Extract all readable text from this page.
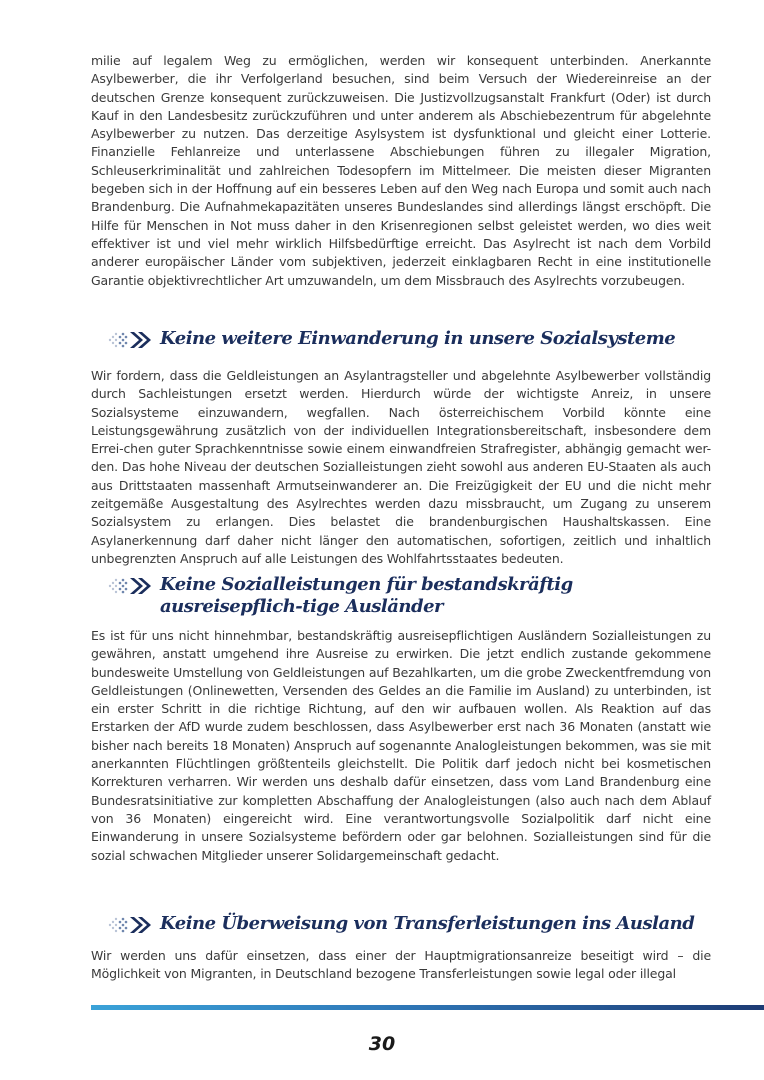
milie auf legalem Weg zu ermöglichen, werden wir konsequent unterbinden. Anerkannte Asylbewerber, die ihr Verfolgerland besuchen, sind beim Versuch der Wiedereinreise an der deutschen Grenze konsequent zurückzuweisen. Die Justizvollzugsanstalt Frankfurt (Oder) ist durch Kauf in den Landesbesitz zurückzuführen und unter anderem als Abschiebezentrum für abgelehnte Asylbewerber zu nutzen. Das derzeitige Asylsystem ist dysfunktional und gleicht einer Lotterie. Finanzielle Fehlanreize und unterlassene Abschiebungen führen zu illegaler Migration, Schleuserkriminalität und zahlreichen Todesopfern im Mittelmeer. Die meisten dieser Migranten begeben sich in der Hoffnung auf ein besseres Leben auf den Weg nach Europa und somit auch nach Brandenburg. Die Aufnahmekapazitäten unseres Bundeslandes sind allerdings längst erschöpft. Die Hilfe für Menschen in Not muss daher in den Krisenregionen selbst geleistet werden, wo dies weit effektiver ist und viel mehr wirklich Hilfsbedürftige erreicht. Das Asylrecht ist nach dem Vorbild anderer europäischer Länder vom subjektiven, jederzeit einklagbaren Recht in eine institutionelle Garantie objektivrechtlicher Art umzuwandeln, um dem Missbrauch des Asylrechts vorzubeugen.

Keine weitere Einwanderung in unsere Sozialsysteme

Wir fordern, dass die Geldleistungen an Asylantragsteller und abgelehnte Asylbewerber vollständig durch Sachleistungen ersetzt werden. Hierdurch würde der wichtigste Anreiz, in unsere Sozialsysteme einzuwandern, wegfallen. Nach österreichischem Vorbild könnte eine Leistungsgewährung zusätzlich von der individuellen Integrationsbereitschaft, insbesondere dem Errei-chen guter Sprachkenntnisse sowie einem einwandfreien Strafregister, abhängig gemacht wer-den. Das hohe Niveau der deutschen Sozialleistungen zieht sowohl aus anderen EU-Staaten als auch aus Drittstaaten massenhaft Armutseinwanderer an. Die Freizügigkeit der EU und die nicht mehr zeitgemäße Ausgestaltung des Asylrechtes werden dazu missbraucht, um Zugang zu unserem Sozialsystem zu erlangen. Dies belastet die brandenburgischen Haushaltskassen. Eine Asylanerkennung darf daher nicht länger den automatischen, sofortigen, zeitlich und inhaltlich unbegrenzten Anspruch auf alle Leistungen des Wohlfahrtsstaates bedeuten.

Keine Sozialleistungen für bestandskräftig ausreisepflich-tige Ausländer

Es ist für uns nicht hinnehmbar, bestandskräftig ausreisepflichtigen Ausländern Sozialleistungen zu gewähren, anstatt umgehend ihre Ausreise zu erwirken. Die jetzt endlich zustande gekommene bundesweite Umstellung von Geldleistungen auf Bezahlkarten, um die grobe Zweckentfremdung von Geldleistungen (Onlinewetten, Versenden des Geldes an die Familie im Ausland) zu unterbinden, ist ein erster Schritt in die richtige Richtung, auf den wir aufbauen wollen. Als Reaktion auf das Erstarken der AfD wurde zudem beschlossen, dass Asylbewerber erst nach 36 Monaten (anstatt wie bisher nach bereits 18 Monaten) Anspruch auf sogenannte Analogleistungen bekommen, was sie mit anerkannten Flüchtlingen größtenteils gleichstellt. Die Politik darf jedoch nicht bei kosmetischen Korrekturen verharren. Wir werden uns deshalb dafür einsetzen, dass vom Land Brandenburg eine Bundesratsinitiative zur kompletten Abschaffung der Analogleistungen (also auch nach dem Ablauf von 36 Monaten) eingereicht wird. Eine verantwortungsvolle Sozialpolitik darf nicht eine Einwanderung in unsere Sozialsysteme befördern oder gar belohnen. Sozialleistungen sind für die sozial schwachen Mitglieder unserer Solidargemeinschaft gedacht.

Keine Überweisung von Transferleistungen ins Ausland

Wir werden uns dafür einsetzen, dass einer der Hauptmigrationsanreize beseitigt wird – die Möglichkeit von Migranten, in Deutschland bezogene Transferleistungen sowie legal oder illegal

30
